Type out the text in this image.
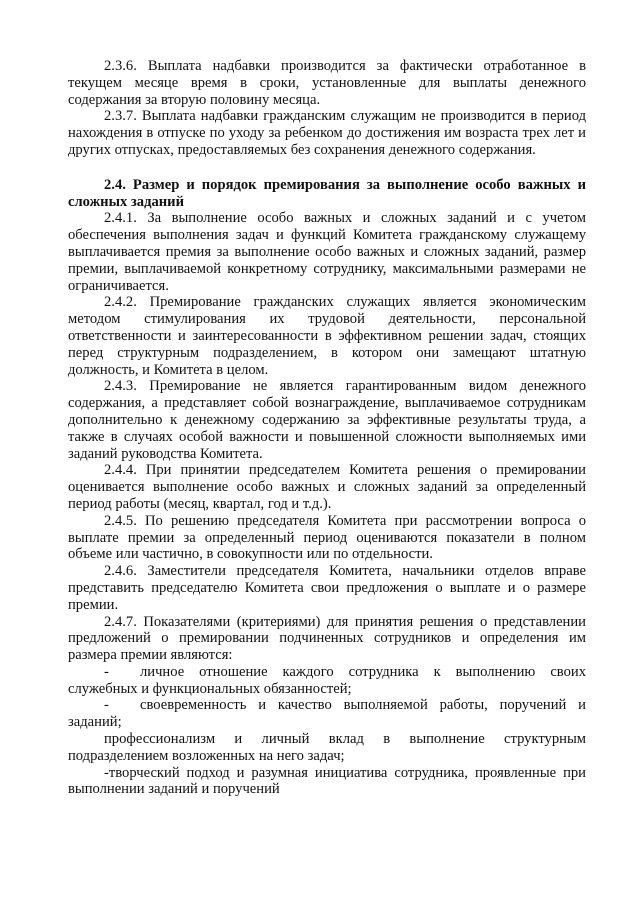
2.3.6. Выплата надбавки производится за фактически отработанное в текущем месяце время в сроки, установленные для выплаты денежного содержания за вторую половину месяца.

2.3.7. Выплата надбавки гражданским служащим не производится в период нахождения в отпуске по уходу за ребенком до достижения им возраста трех лет и других отпусках, предоставляемых без сохранения денежного содержания.

2.4. Размер и порядок премирования за выполнение особо важных и сложных заданий

2.4.1. За выполнение особо важных и сложных заданий и с учетом обеспечения выполнения задач и функций Комитета гражданскому служащему выплачивается премия за выполнение особо важных и сложных заданий, размер премии, выплачиваемой конкретному сотруднику, максимальными размерами не ограничивается.

2.4.2. Премирование гражданских служащих является экономическим методом стимулирования их трудовой деятельности, персональной ответственности и заинтересованности в эффективном решении задач, стоящих перед структурным подразделением, в котором они замещают штатную должность, и Комитета в целом.

2.4.3. Премирование не является гарантированным видом денежного содержания, а представляет собой вознаграждение, выплачиваемое сотрудникам дополнительно к денежному содержанию за эффективные результаты труда, а также в случаях особой важности и повышенной сложности выполняемых ими заданий руководства Комитета.

2.4.4. При принятии председателем Комитета решения о премировании оценивается выполнение особо важных и сложных заданий за определенный период работы (месяц, квартал, год и т.д.).

2.4.5. По решению председателя Комитета при рассмотрении вопроса о выплате премии за определенный период оцениваются показатели в полном объеме или частично, в совокупности или по отдельности.

2.4.6. Заместители председателя Комитета, начальники отделов вправе представить председателю Комитета свои предложения о выплате и о размере премии.

2.4.7. Показателями (критериями) для принятия решения о представлении предложений о премировании подчиненных сотрудников и определения им размера премии являются:

- личное отношение каждого сотрудника к выполнению своих служебных и функциональных обязанностей;

- своевременность и качество выполняемой работы, поручений и заданий;

профессионализм и личный вклад в выполнение структурным подразделением возложенных на него задач;

-творческий подход и разумная инициатива сотрудника, проявленные при выполнении заданий и поручений
